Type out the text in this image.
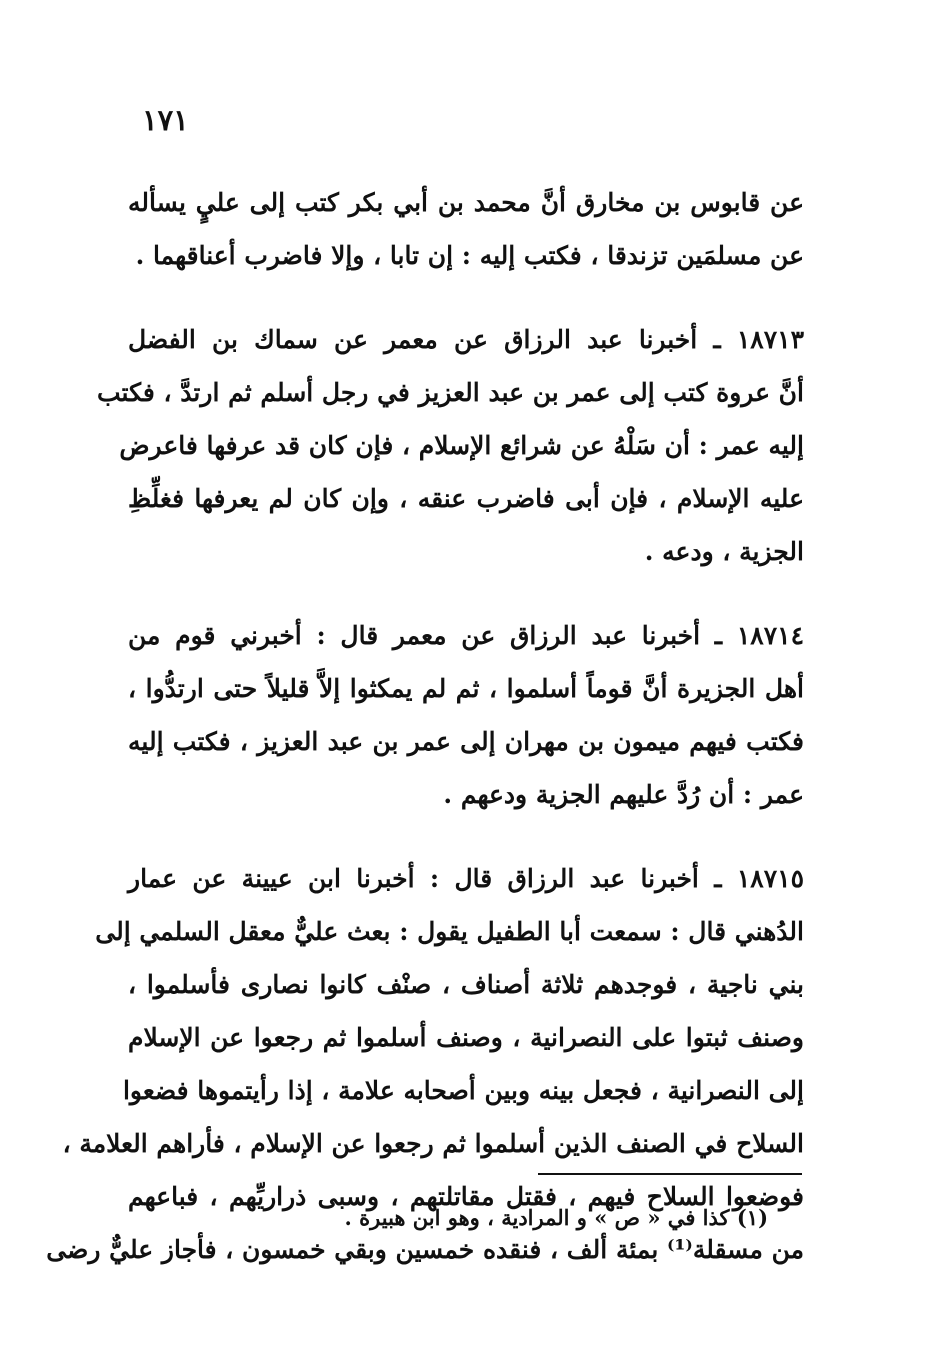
١٧١
عن قابوس بن مخارق أنَّ محمد بن أبي بكر كتب إلى عليٍ يسأله
عن مسلمَين تزندقا ، فكتب إليه : إن تابا ، وإلا فاضرب أعناقهما .
١٨٧١٣ ـ أخبرنا عبد الرزاق عن معمر عن سماك بن الفضل
أنَّ عروة كتب إلى عمر بن عبد العزيز في رجل أسلم ثم ارتدَّ ، فكتب
إليه عمر : أن سَلْهُ عن شرائع الإسلام ، فإن كان قد عرفها فاعرض
عليه الإسلام ، فإن أبى فاضرب عنقه ، وإن كان لم يعرفها فغلِّظِ
الجزية ، ودعه .
١٨٧١٤ ـ أخبرنا عبد الرزاق عن معمر قال : أخبرني قوم من
أهل الجزيرة أنَّ قوماً أسلموا ، ثم لم يمكثوا إلاَّ قليلاً حتى ارتدُّوا ،
فكتب فيهم ميمون بن مهران إلى عمر بن عبد العزيز ، فكتب إليه
عمر : أن رُدَّ عليهم الجزية ودعهم .
١٨٧١٥ ـ أخبرنا عبد الرزاق قال : أخبرنا ابن عيينة عن عمار
الدُهني قال : سمعت أبا الطفيل يقول : بعث عليٌّ معقل السلمي إلى
بني ناجية ، فوجدهم ثلاثة أصناف ، صنْف كانوا نصارى فأسلموا ،
وصنف ثبتوا على النصرانية ، وصنف أسلموا ثم رجعوا عن الإسلام
إلى النصرانية ، فجعل بينه وبين أصحابه علامة ، إذا رأيتموها فضعوا
السلاح في الصنف الذين أسلموا ثم رجعوا عن الإسلام ، فأراهم العلامة ،
فوضعوا السلاح فيهم ، فقتل مقاتلتهم ، وسبى ذراريِّهم ، فباعهم
من مسقلة⁽¹⁾ بمئة ألف ، فنقده خمسين وبقي خمسون ، فأجاز عليٌّ رضى
(١) كذا في « ص » و المرادية ، وهو ابن هبيرة .
